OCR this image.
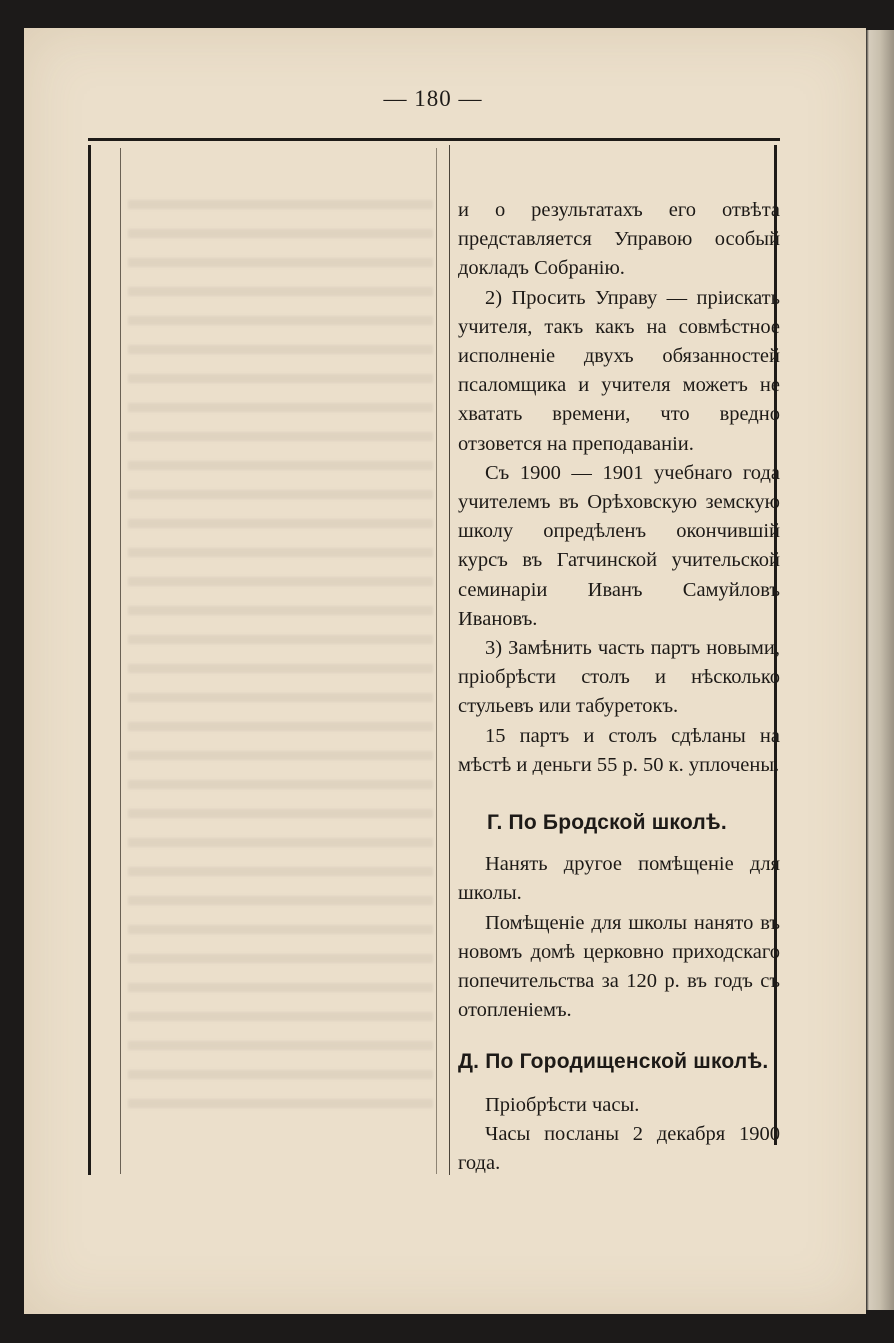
— 180 —

и о результатахъ его отвѣта представляется Управою особый докладъ Собранію.

2) Просить Управу — пріискать учителя, такъ какъ на совмѣстное исполненіе двухъ обязанностей псаломщика и учителя можетъ не хватать времени, что вредно отзовется на преподаваніи.

Съ 1900 — 1901 учебнаго года учителемъ въ Орѣховскую земскую школу опредѣленъ окончившій курсъ въ Гатчинской учительской семинаріи Иванъ Самуйловъ Ивановъ.

3) Замѣнить часть партъ новыми, пріобрѣсти столъ и нѣсколько стульевъ или табуретокъ.

15 партъ и столъ сдѣланы на мѣстѣ и деньги 55 р. 50 к. уплочены.

Г. По Бродской школѣ.

Нанять другое помѣщеніе для школы.

Помѣщеніе для школы нанято въ новомъ домѣ церковно приходскаго попечительства за 120 р. въ годъ съ отопленіемъ.

Д. По Городищенской школѣ.

Пріобрѣсти часы.

Часы посланы 2 декабря 1900 года.
